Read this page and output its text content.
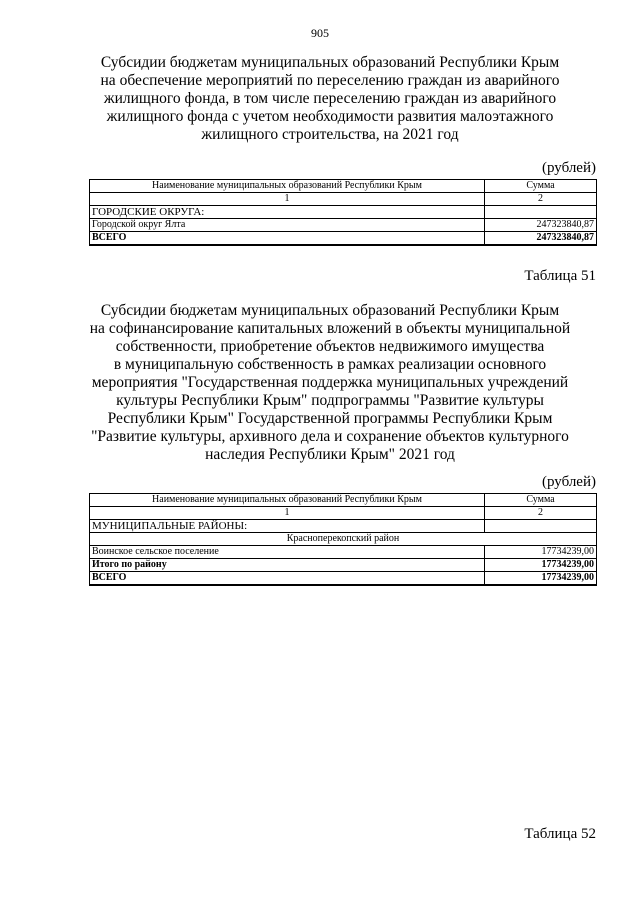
905
Субсидии бюджетам муниципальных образований Республики Крым
на обеспечение мероприятий по переселению граждан из аварийного
жилищного фонда, в том числе переселению граждан из аварийного
жилищного фонда с учетом необходимости развития малоэтажного
жилищного строительства, на 2021 год
(рублей)
Наименование муниципальных образований Республики Крым	Сумма
1	2
ГОРОДСКИЕ ОКРУГА:	
Городской округ Ялта	247323840,87
ВСЕГО	247323840,87
Таблица 51
Субсидии бюджетам муниципальных образований Республики Крым
на софинансирование капитальных вложений в объекты муниципальной
собственности, приобретение объектов недвижимого имущества
в муниципальную собственность в рамках реализации основного
мероприятия "Государственная поддержка муниципальных учреждений
культуры Республики Крым" подпрограммы "Развитие культуры
Республики Крым" Государственной программы Республики Крым
"Развитие культуры, архивного дела и сохранение объектов культурного
наследия Республики Крым" 2021 год
(рублей)
Наименование муниципальных образований Республики Крым	Сумма
1	2
МУНИЦИПАЛЬНЫЕ РАЙОНЫ:	
Красноперекопский район	
Воинское сельское поселение	17734239,00
Итого по району	17734239,00
ВСЕГО	17734239,00
Таблица 52
